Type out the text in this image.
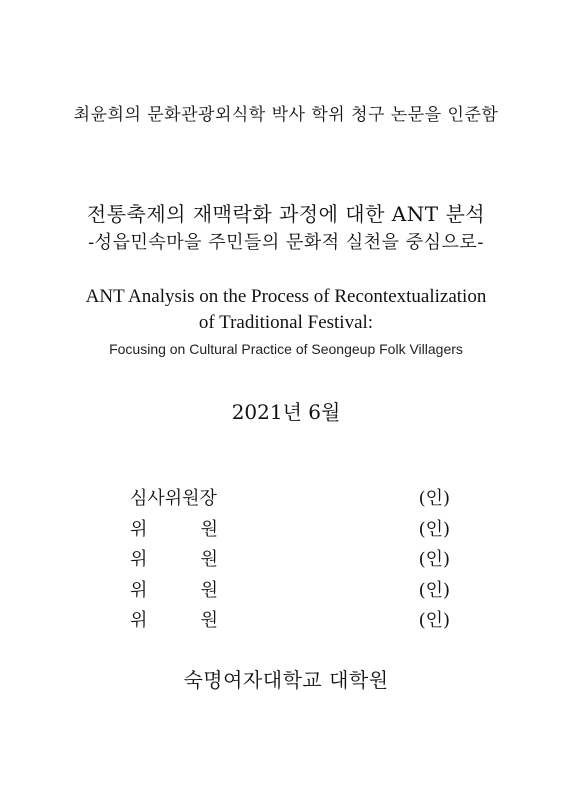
최윤희의 문화관광외식학 박사 학위 청구 논문을 인준함
전통축제의 재맥락화 과정에 대한 ANT 분석
-성읍민속마을 주민들의 문화적 실천을 중심으로-
ANT Analysis on the Process of Recontextualization
of Traditional Festival:
Focusing on Cultural Practice of Seongeup Folk Villagers
2021년 6월
심사위원장	(인)
위	원	(인)
위	원	(인)
위	원	(인)
위	원	(인)
숙명여자대학교 대학원
